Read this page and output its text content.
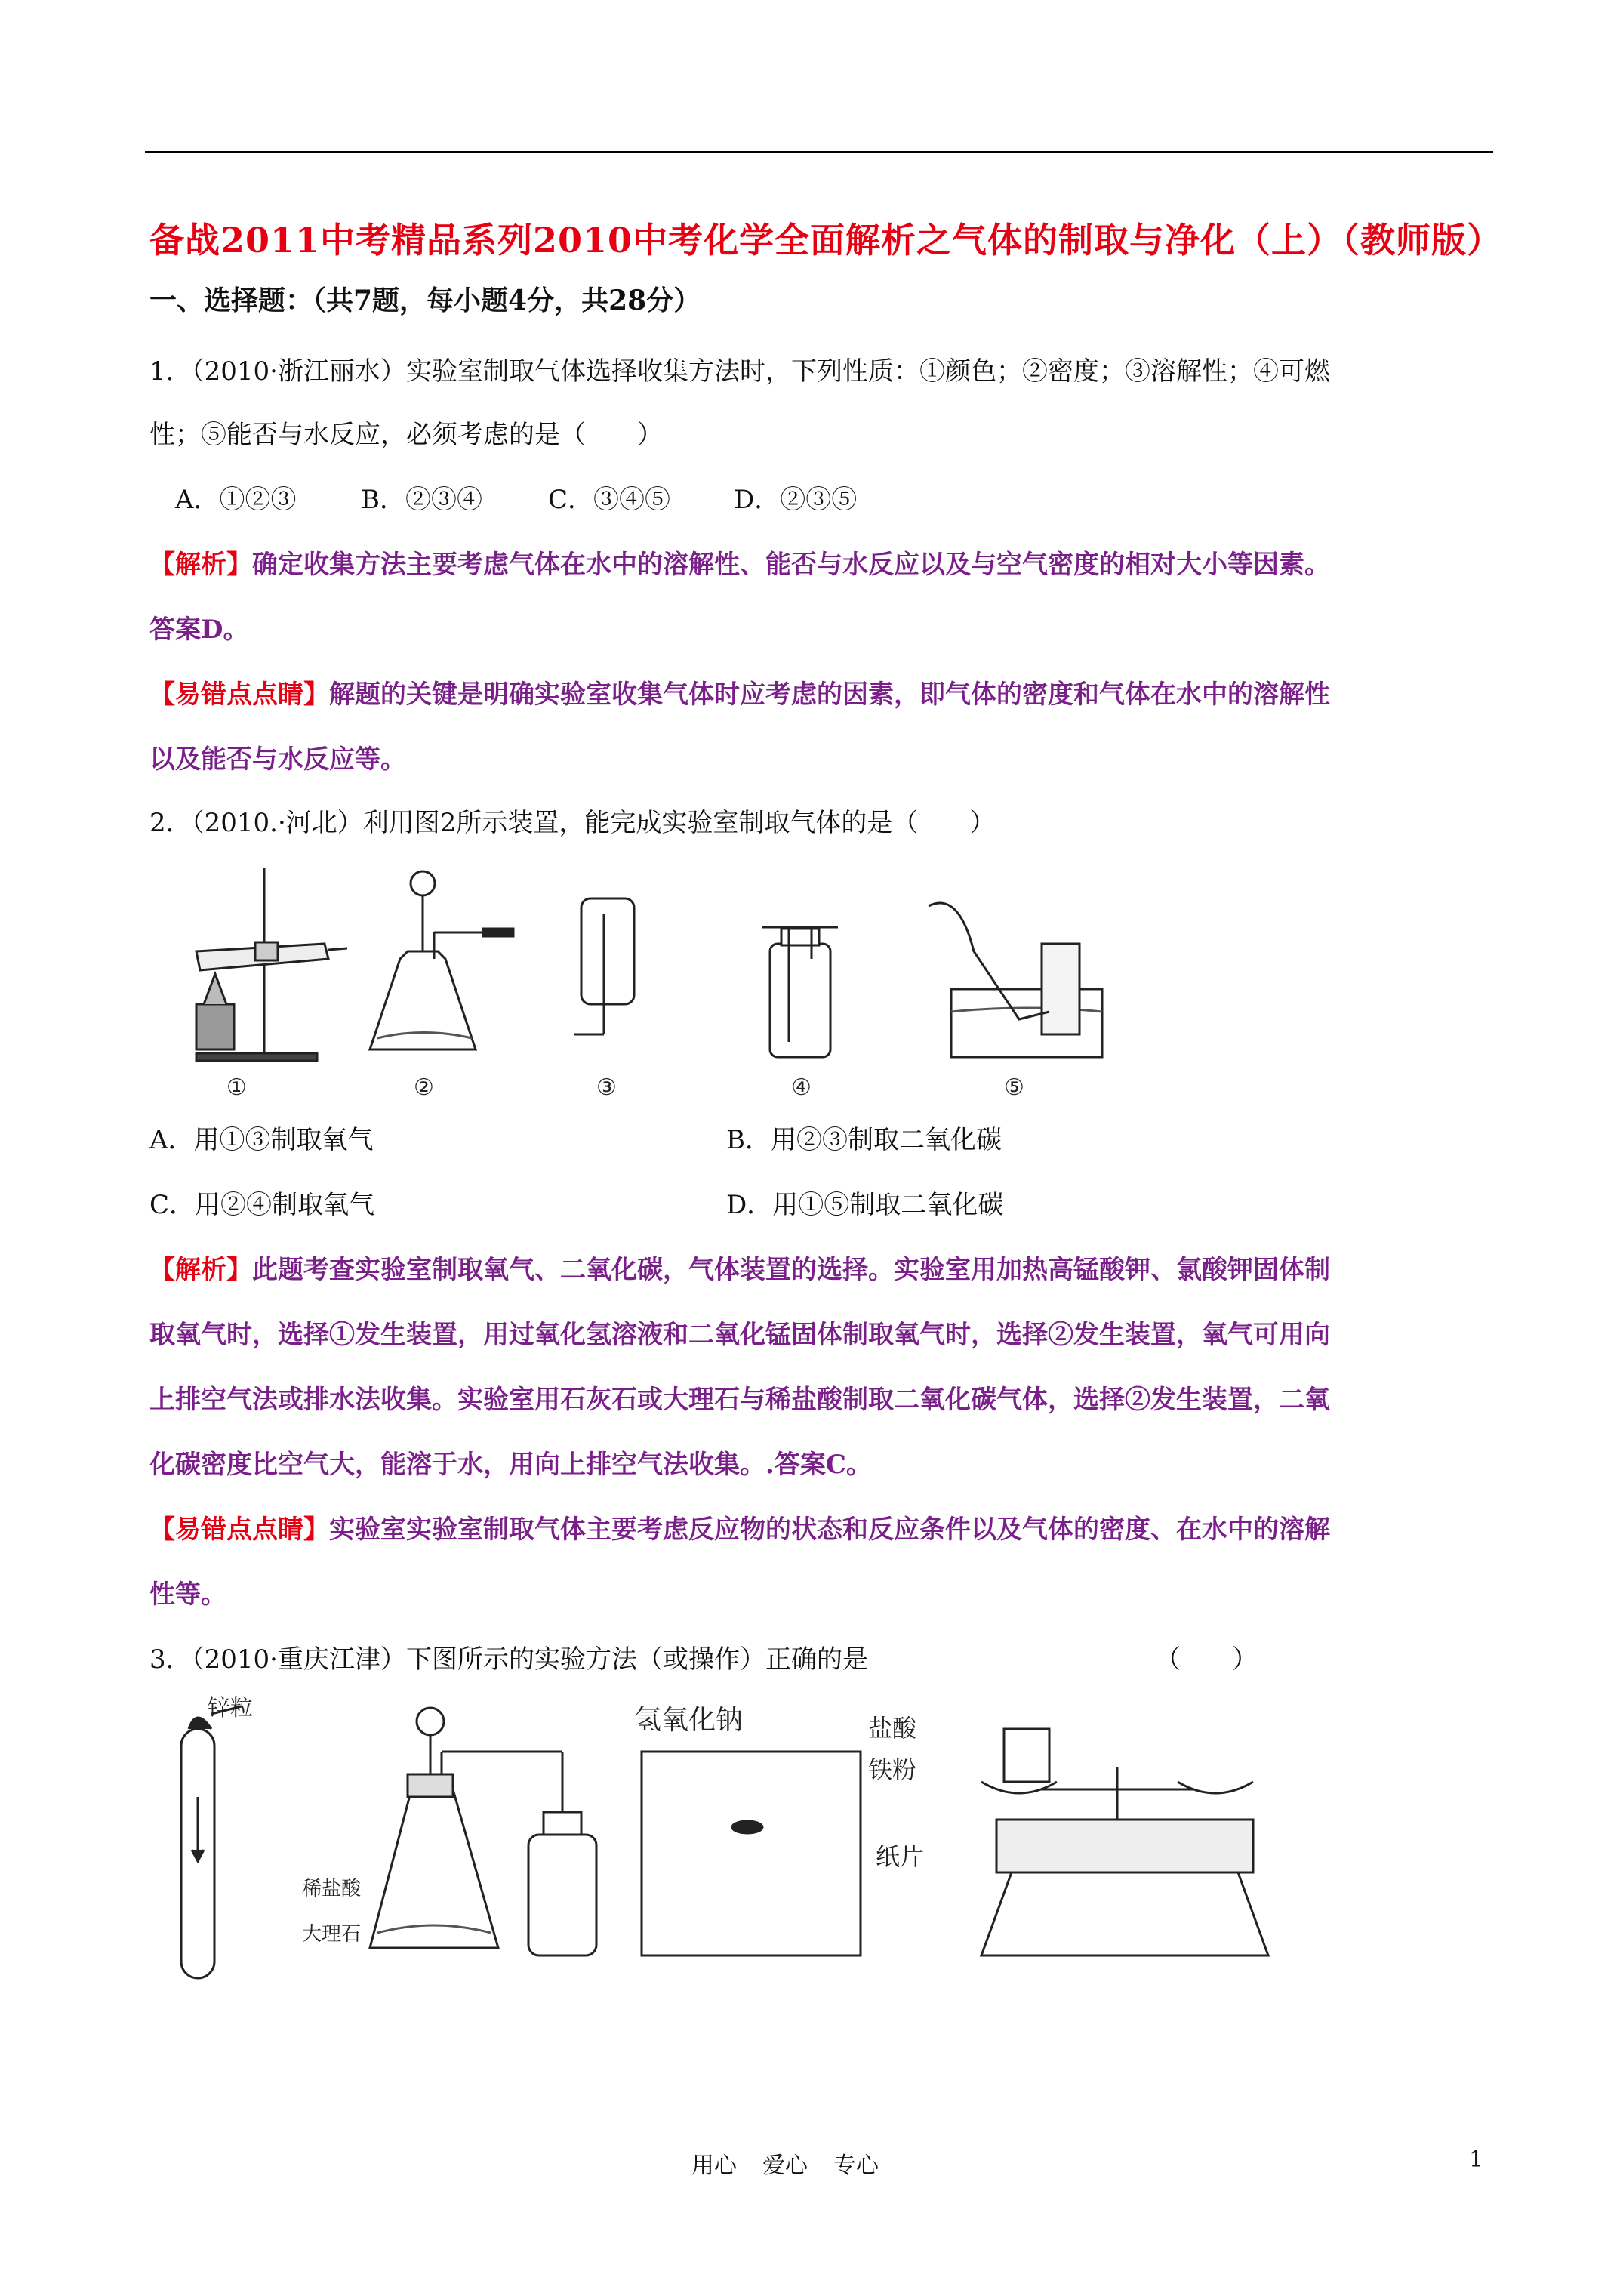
备战2011中考精品系列2010中考化学全面解析之气体的制取与净化（上）（教师版）
一、选择题：（共7题，每小题4分，共28分）
1．（2010·浙江丽水）实验室制取气体选择收集方法时，下列性质：①颜色；②密度；③溶解性；④可燃
性；⑤能否与水反应，必须考虑的是（　　）
A．①②③	B．②③④	C．③④⑤ D．②③⑤
【解析】确定收集方法主要考虑气体在水中的溶解性、能否与水反应以及与空气密度的相对大小等因素。
答案D。
【易错点点睛】解题的关键是明确实验室收集气体时应考虑的因素，即气体的密度和气体在水中的溶解性
以及能否与水反应等。
2．（2010.·河北）利用图2所示装置，能完成实验室制取气体的是（　　）
①	②	③	④	⑤
A．用①③制取氧气	B．用②③制取二氧化碳
C．用②④制取氧气	D．用①⑤制取二氧化碳
【解析】此题考查实验室制取氧气、二氧化碳，气体装置的选择。实验室用加热高锰酸钾、氯酸钾固体制
取氧气时，选择①发生装置，用过氧化氢溶液和二氧化锰固体制取氧气时，选择②发生装置，氧气可用向
上排空气法或排水法收集。实验室用石灰石或大理石与稀盐酸制取二氧化碳气体，选择②发生装置，二氧
化碳密度比空气大，能溶于水，用向上排空气法收集。.答案C。
【易错点点睛】实验室实验室制取气体主要考虑反应物的状态和反应条件以及气体的密度、在水中的溶解
性等。
3．（2010·重庆江津）下图所示的实验方法（或操作）正确的是	（　　）
锌粒
稀盐酸
大理石
氢氧化钠
纸片
盐酸
铁粉
用心 爱心 专心	1
